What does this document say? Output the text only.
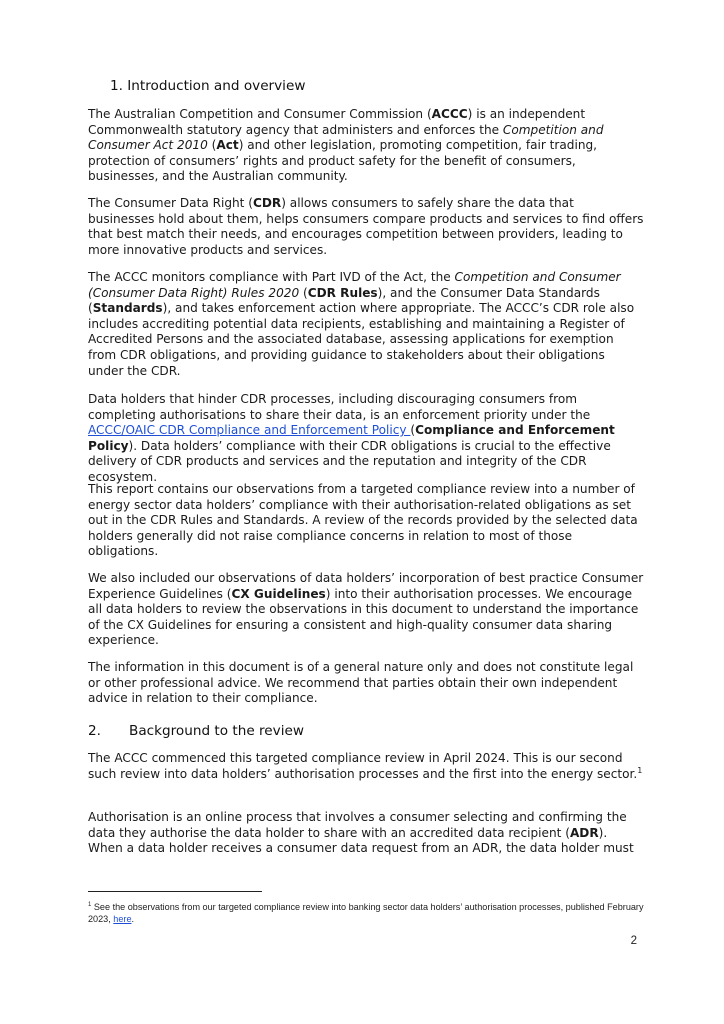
1. Introduction and overview

The Australian Competition and Consumer Commission (ACCC) is an independent Commonwealth statutory agency that administers and enforces the Competition and Consumer Act 2010 (Act) and other legislation, promoting competition, fair trading, protection of consumers’ rights and product safety for the benefit of consumers, businesses, and the Australian community.

The Consumer Data Right (CDR) allows consumers to safely share the data that businesses hold about them, helps consumers compare products and services to find offers that best match their needs, and encourages competition between providers, leading to more innovative products and services.

The ACCC monitors compliance with Part IVD of the Act, the Competition and Consumer (Consumer Data Right) Rules 2020 (CDR Rules), and the Consumer Data Standards (Standards), and takes enforcement action where appropriate. The ACCC’s CDR role also includes accrediting potential data recipients, establishing and maintaining a Register of Accredited Persons and the associated database, assessing applications for exemption from CDR obligations, and providing guidance to stakeholders about their obligations under the CDR.

Data holders that hinder CDR processes, including discouraging consumers from completing authorisations to share their data, is an enforcement priority under the ACCC/OAIC CDR Compliance and Enforcement Policy (Compliance and Enforcement Policy). Data holders’ compliance with their CDR obligations is crucial to the effective delivery of CDR products and services and the reputation and integrity of the CDR ecosystem.

This report contains our observations from a targeted compliance review into a number of energy sector data holders’ compliance with their authorisation-related obligations as set out in the CDR Rules and Standards. A review of the records provided by the selected data holders generally did not raise compliance concerns in relation to most of those obligations.

We also included our observations of data holders’ incorporation of best practice Consumer Experience Guidelines (CX Guidelines) into their authorisation processes. We encourage all data holders to review the observations in this document to understand the importance of the CX Guidelines for ensuring a consistent and high-quality consumer data sharing experience.

The information in this document is of a general nature only and does not constitute legal or other professional advice. We recommend that parties obtain their own independent advice in relation to their compliance.

2. Background to the review

The ACCC commenced this targeted compliance review in April 2024. This is our second such review into data holders’ authorisation processes and the first into the energy sector.$^1$

Authorisation is an online process that involves a consumer selecting and confirming the data they authorise the data holder to share with an accredited data recipient (ADR). When a data holder receives a consumer data request from an ADR, the data holder must

$^1$ See the observations from our targeted compliance review into banking sector data holders’ authorisation processes, published February 2023, here.
2
